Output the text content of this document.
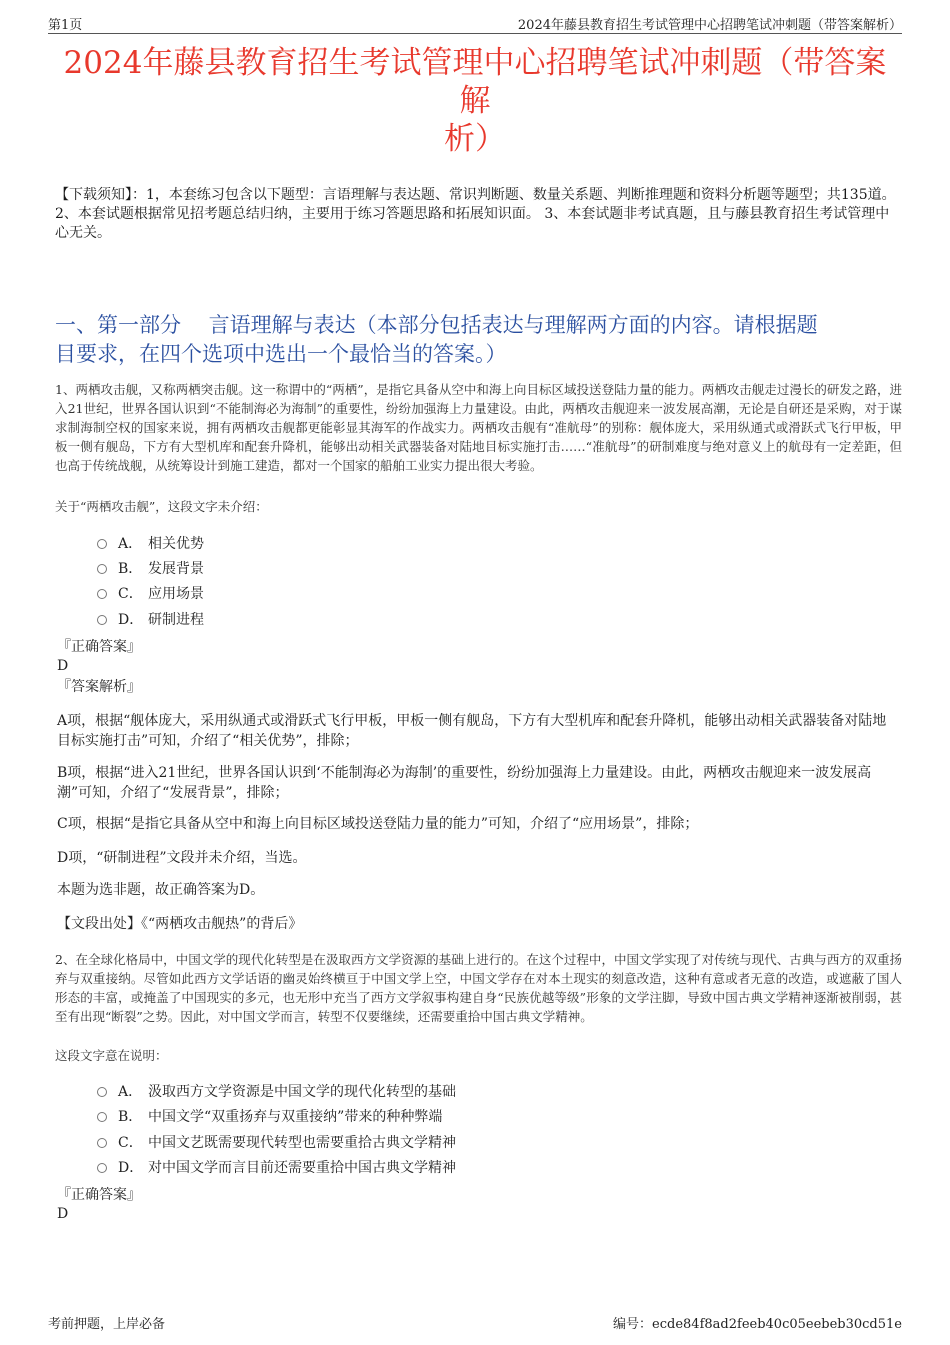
第1页	2024年藤县教育招生考试管理中心招聘笔试冲刺题（带答案解析）
2024年藤县教育招生考试管理中心招聘笔试冲刺题（带答案解
析）
【下载须知】：1，本套练习包含以下题型：言语理解与表达题、常识判断题、数量关系题、判断推理题和资料分析题等题型；共135道。 2、本套试题根据常见招考题总结归纳，主要用于练习答题思路和拓展知识面。 3、本套试题非考试真题，且与藤县教育招生考试管理中心无关。
一、第一部分　 言语理解与表达（本部分包括表达与理解两方面的内容。请根据题
目要求，在四个选项中选出一个最恰当的答案。）
1、两栖攻击舰，又称两栖突击舰。这一称谓中的“两栖”，是指它具备从空中和海上向目标区域投送登陆力量的能力。两栖攻击舰走过漫长的研发之路，进入21世纪，世界各国认识到“不能制海必为海制”的重要性，纷纷加强海上力量建设。由此，两栖攻击舰迎来一波发展高潮，无论是自研还是采购，对于谋求制海制空权的国家来说，拥有两栖攻击舰都更能彰显其海军的作战实力。两栖攻击舰有“准航母”的别称：舰体庞大，采用纵通式或滑跃式飞行甲板，甲板一侧有舰岛，下方有大型机库和配套升降机，能够出动相关武器装备对陆地目标实施打击……“准航母”的研制难度与绝对意义上的航母有一定差距，但也高于传统战舰，从统筹设计到施工建造，都对一个国家的船舶工业实力提出很大考验。
关于“两栖攻击舰”，这段文字未介绍：
A． 相关优势
B． 发展背景
C． 应用场景
D． 研制进程
『正确答案』
D
『答案解析』
A项，根据“舰体庞大，采用纵通式或滑跃式飞行甲板，甲板一侧有舰岛，下方有大型机库和配套升降机，能够出动相关武器装备对陆地目标实施打击”可知，介绍了“相关优势”，排除；
B项，根据“进入21世纪，世界各国认识到‘不能制海必为海制’的重要性，纷纷加强海上力量建设。由此，两栖攻击舰迎来一波发展高潮”可知，介绍了“发展背景”，排除；
C项，根据“是指它具备从空中和海上向目标区域投送登陆力量的能力”可知，介绍了“应用场景”，排除；
D项，“研制进程”文段并未介绍，当选。
本题为选非题，故正确答案为D。
【文段出处】《“两栖攻击舰热”的背后》
2、在全球化格局中，中国文学的现代化转型是在汲取西方文学资源的基础上进行的。在这个过程中，中国文学实现了对传统与现代、古典与西方的双重扬弃与双重接纳。尽管如此西方文学话语的幽灵始终横亘于中国文学上空，中国文学存在对本土现实的刻意改造，这种有意或者无意的改造，或遮蔽了国人形态的丰富，或掩盖了中国现实的多元，也无形中充当了西方文学叙事构建自身“民族优越等级”形象的文学注脚，导致中国古典文学精神逐渐被削弱，甚至有出现“断裂”之势。因此，对中国文学而言，转型不仅要继续，还需要重拾中国古典文学精神。
这段文字意在说明：
A． 汲取西方文学资源是中国文学的现代化转型的基础
B． 中国文学“双重扬弃与双重接纳”带来的种种弊端
C． 中国文艺既需要现代转型也需要重拾古典文学精神
D． 对中国文学而言目前还需要重拾中国古典文学精神
『正确答案』
D
考前押题，上岸必备	编号：ecde84f8ad2feeb40c05eebeb30cd51e
